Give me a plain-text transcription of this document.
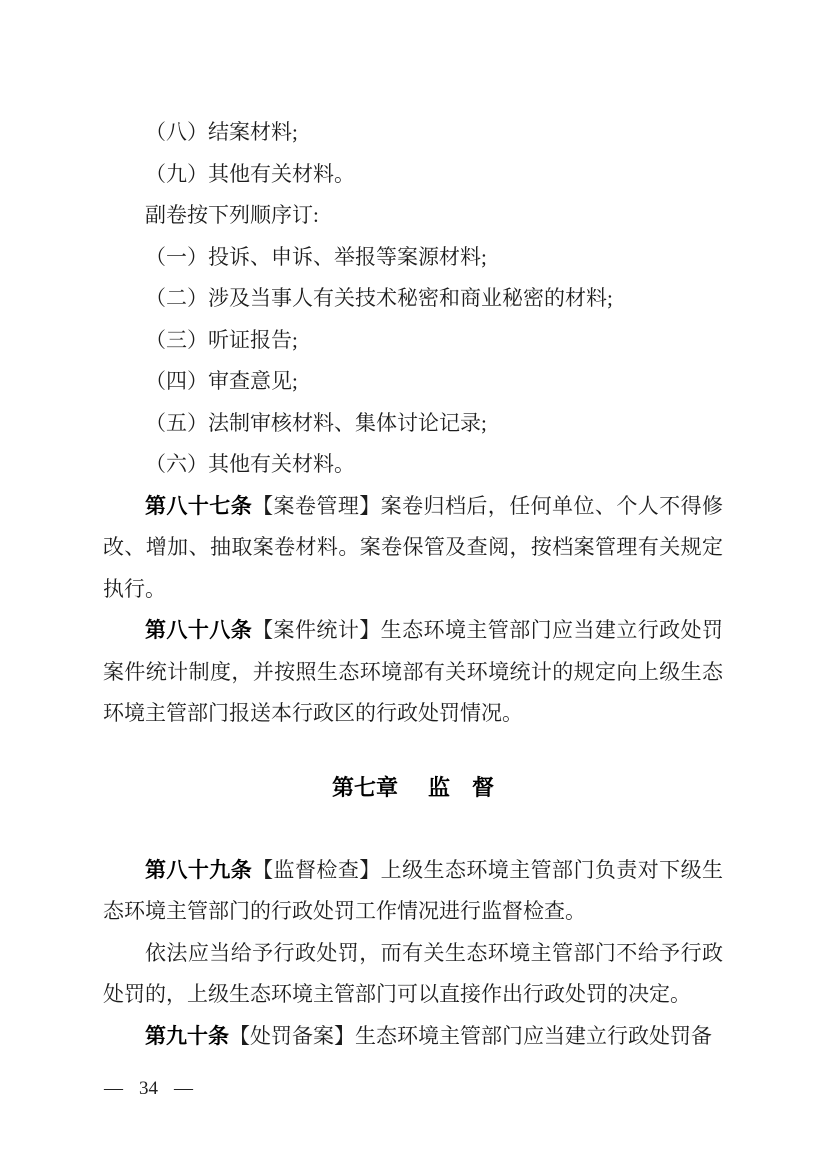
（八）结案材料;

（九）其他有关材料。

副卷按下列顺序订:

（一）投诉、申诉、举报等案源材料;

（二）涉及当事人有关技术秘密和商业秘密的材料;

（三）听证报告;

（四）审查意见;

（五）法制审核材料、集体讨论记录;

（六）其他有关材料。

第八十七条【案卷管理】案卷归档后，任何单位、个人不得修改、增加、抽取案卷材料。案卷保管及查阅，按档案管理有关规定执行。

第八十八条【案件统计】生态环境主管部门应当建立行政处罚案件统计制度，并按照生态环境部有关环境统计的规定向上级生态环境主管部门报送本行政区的行政处罚情况。

第七章 监　督

第八十九条【监督检查】上级生态环境主管部门负责对下级生态环境主管部门的行政处罚工作情况进行监督检查。

依法应当给予行政处罚，而有关生态环境主管部门不给予行政处罚的，上级生态环境主管部门可以直接作出行政处罚的决定。

第九十条【处罚备案】生态环境主管部门应当建立行政处罚备

— 34 —
